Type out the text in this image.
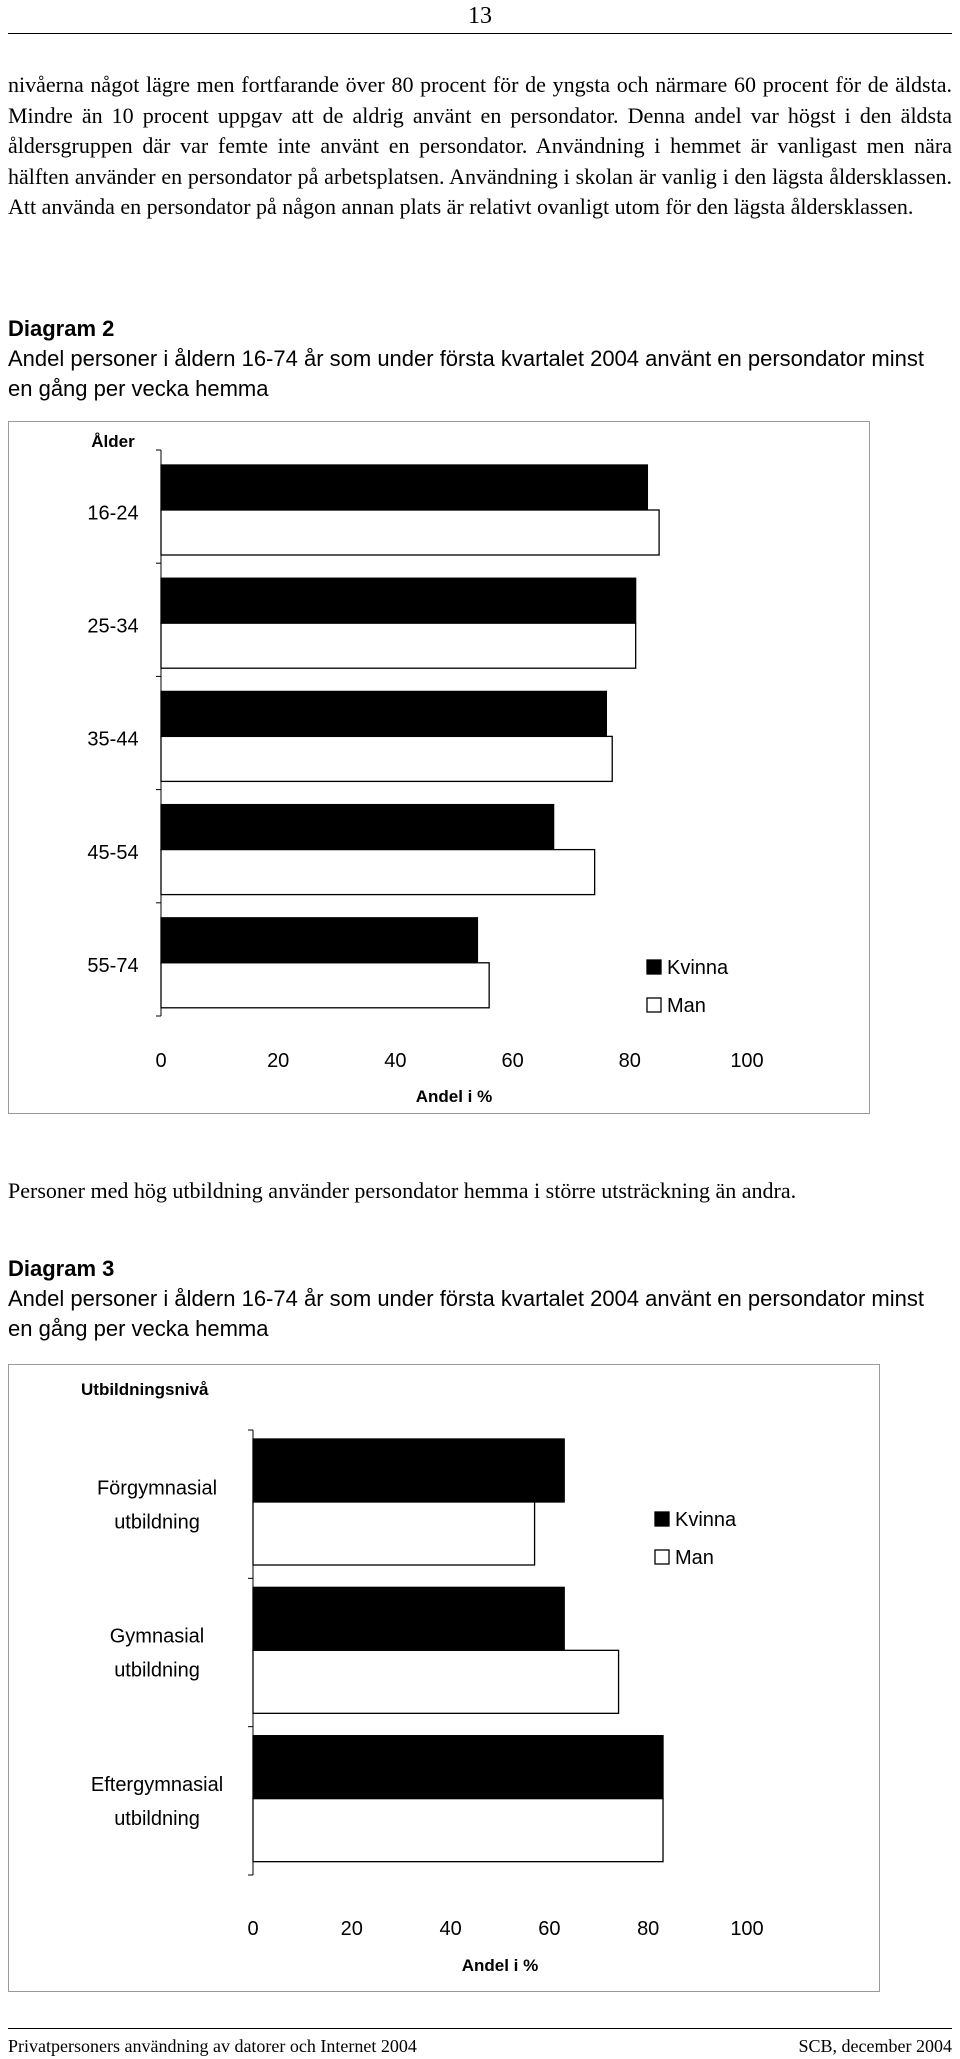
13

nivåerna något lägre men fortfarande över 80 procent för de yngsta och närmare 60 procent för de äldsta. Mindre än 10 procent uppgav att de aldrig använt en persondator. Denna andel var högst i den äldsta åldersgruppen där var femte inte använt en persondator. Användning i hemmet är vanligast men nära hälften använder en persondator på arbetsplatsen. Användning i skolan är vanlig i den lägsta åldersklassen. Att använda en persondator på någon annan plats är relativt ovanligt utom för den lägsta åldersklassen.

Diagram 2
Andel personer i åldern 16-74 år som under första kvartalet 2004 använt en persondator minst en gång per vecka hemma
Ålder
16-24
25-34
35-44
45-54
55-74
0	20	40	60	80	100
Andel i %
Kvinna
Man

Personer med hög utbildning använder persondator hemma i större utsträckning än andra.

Diagram 3
Andel personer i åldern 16-74 år som under första kvartalet 2004 använt en persondator minst en gång per vecka hemma
Utbildningsnivå
Förgymnasial
utbildning
Gymnasial
utbildning
Eftergymnasial
utbildning
0	20	40	60	80	100
Andel i %
Kvinna
Man
Privatpersoners användning av datorer och Internet 2004	SCB, december 2004
